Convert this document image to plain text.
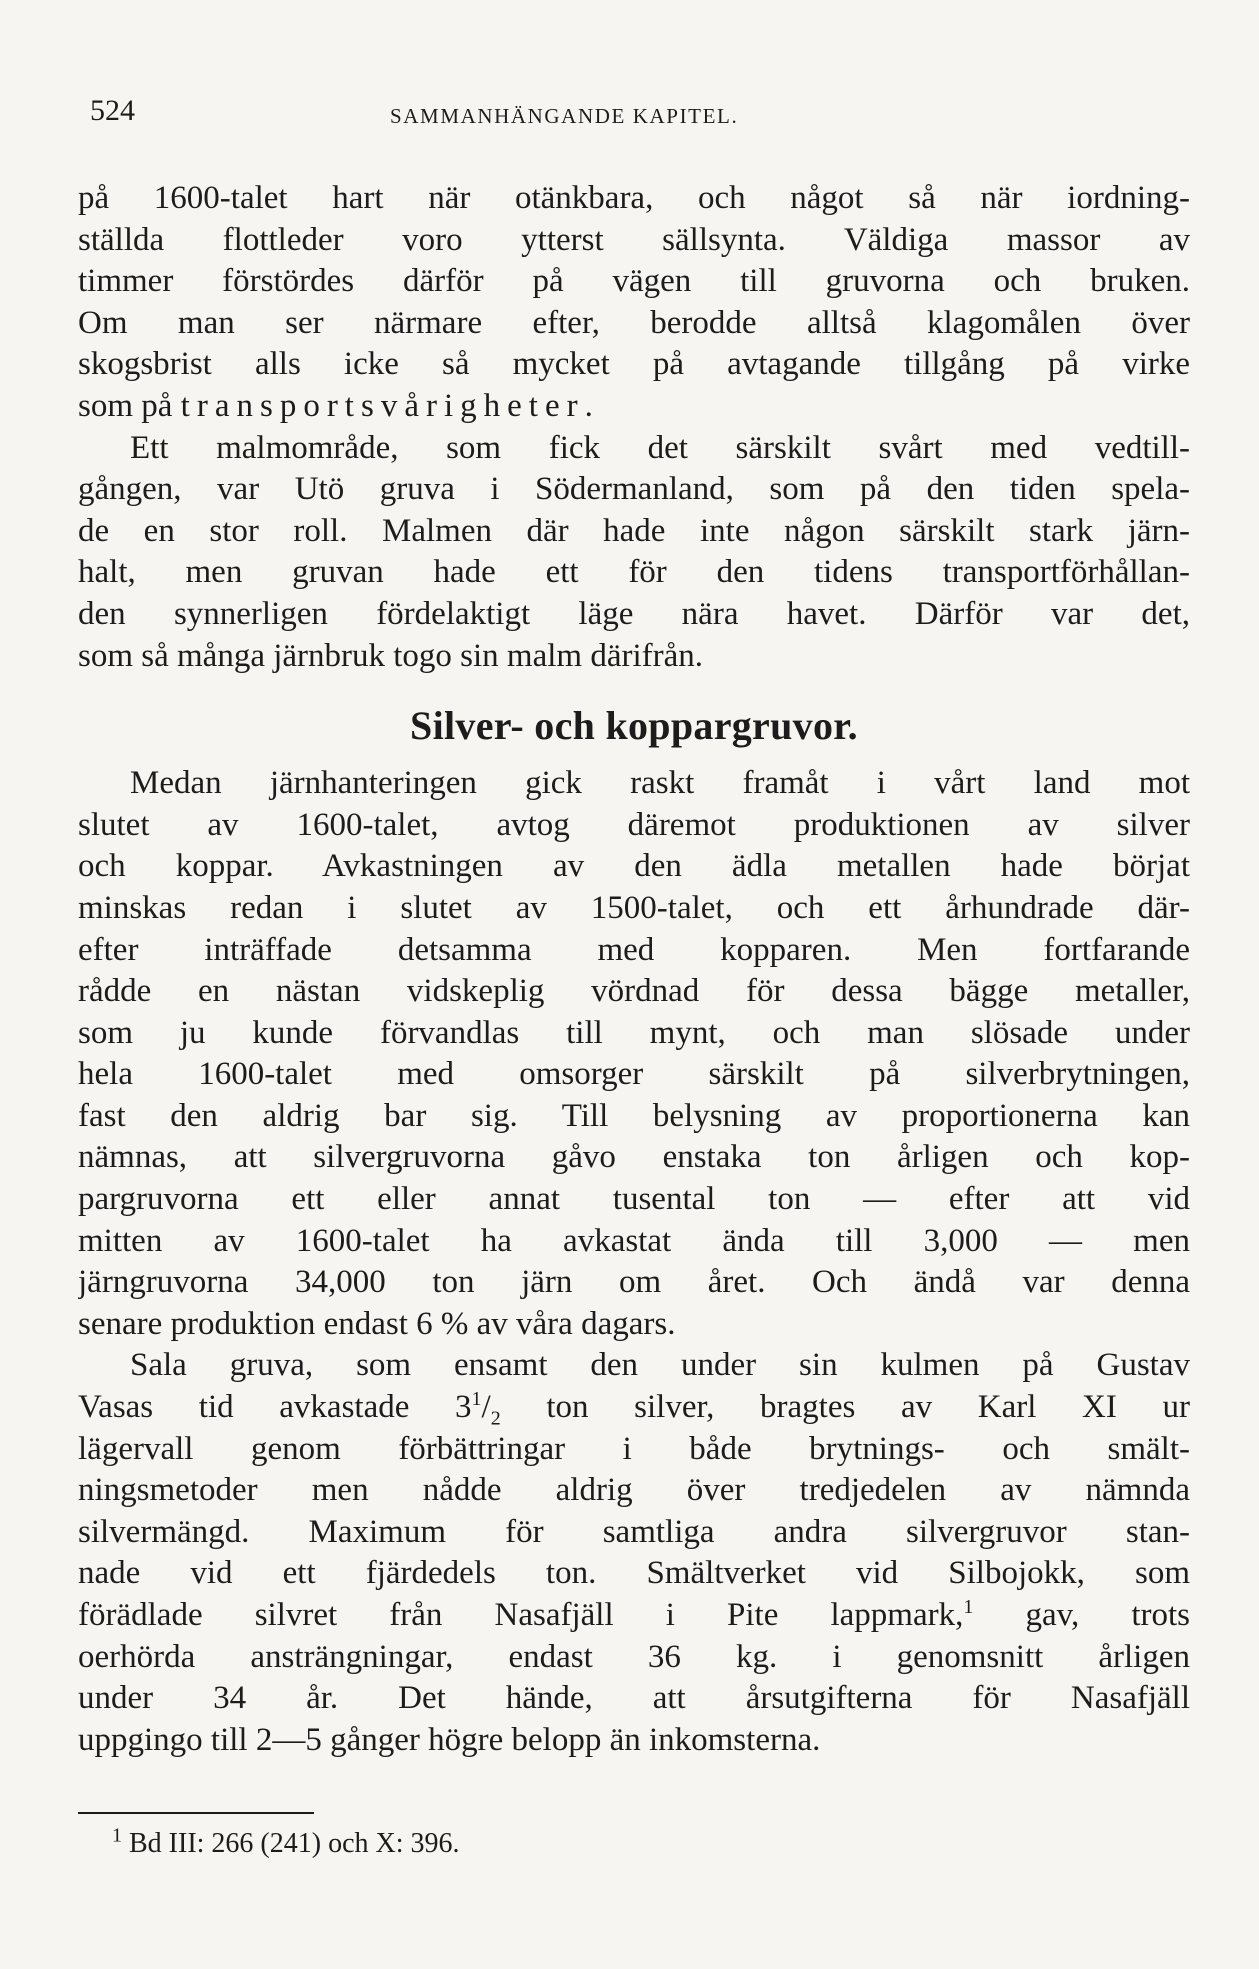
524	SAMMANHÄNGANDE KAPITEL.
på 1600-talet hart när otänkbara, och något så när iordning-
ställda flottleder voro ytterst sällsynta. Väldiga massor av
timmer förstördes därför på vägen till gruvorna och bruken.
Om man ser närmare efter, berodde alltså klagomålen över
skogsbrist alls icke så mycket på avtagande tillgång på virke
som på transportsvårigheter.
Ett malmområde, som fick det särskilt svårt med vedtill-
gången, var Utö gruva i Södermanland, som på den tiden spela-
de en stor roll. Malmen där hade inte någon särskilt stark järn-
halt, men gruvan hade ett för den tidens transportförhållan-
den synnerligen fördelaktigt läge nära havet. Därför var det,
som så många järnbruk togo sin malm därifrån.
Silver- och koppargruvor.
Medan järnhanteringen gick raskt framåt i vårt land mot
slutet av 1600-talet, avtog däremot produktionen av silver
och koppar. Avkastningen av den ädla metallen hade börjat
minskas redan i slutet av 1500-talet, och ett århundrade där-
efter inträffade detsamma med kopparen. Men fortfarande
rådde en nästan vidskeplig vördnad för dessa bägge metaller,
som ju kunde förvandlas till mynt, och man slösade under
hela 1600-talet med omsorger särskilt på silverbrytningen,
fast den aldrig bar sig. Till belysning av proportionerna kan
nämnas, att silvergruvorna gåvo enstaka ton årligen och kop-
pargruvorna ett eller annat tusental ton — efter att vid
mitten av 1600-talet ha avkastat ända till 3,000 — men
järngruvorna 34,000 ton järn om året. Och ändå var denna
senare produktion endast 6 % av våra dagars.
Sala gruva, som ensamt den under sin kulmen på Gustav
Vasas tid avkastade $3^1/_2$ ton silver, bragtes av Karl XI ur
lägervall genom förbättringar i både brytnings- och smält-
ningsmetoder men nådde aldrig över tredjedelen av nämnda
silvermängd. Maximum för samtliga andra silvergruvor stan-
nade vid ett fjärdedels ton. Smältverket vid Silbojokk, som
förädlade silvret från Nasafjäll i Pite lappmark,$^1$ gav, trots
oerhörda ansträngningar, endast 36 kg. i genomsnitt årligen
under 34 år. Det hände, att årsutgifterna för Nasafjäll
uppgingo till 2—5 gånger högre belopp än inkomsterna.
$^1$ Bd III: 266 (241) och X: 396.
